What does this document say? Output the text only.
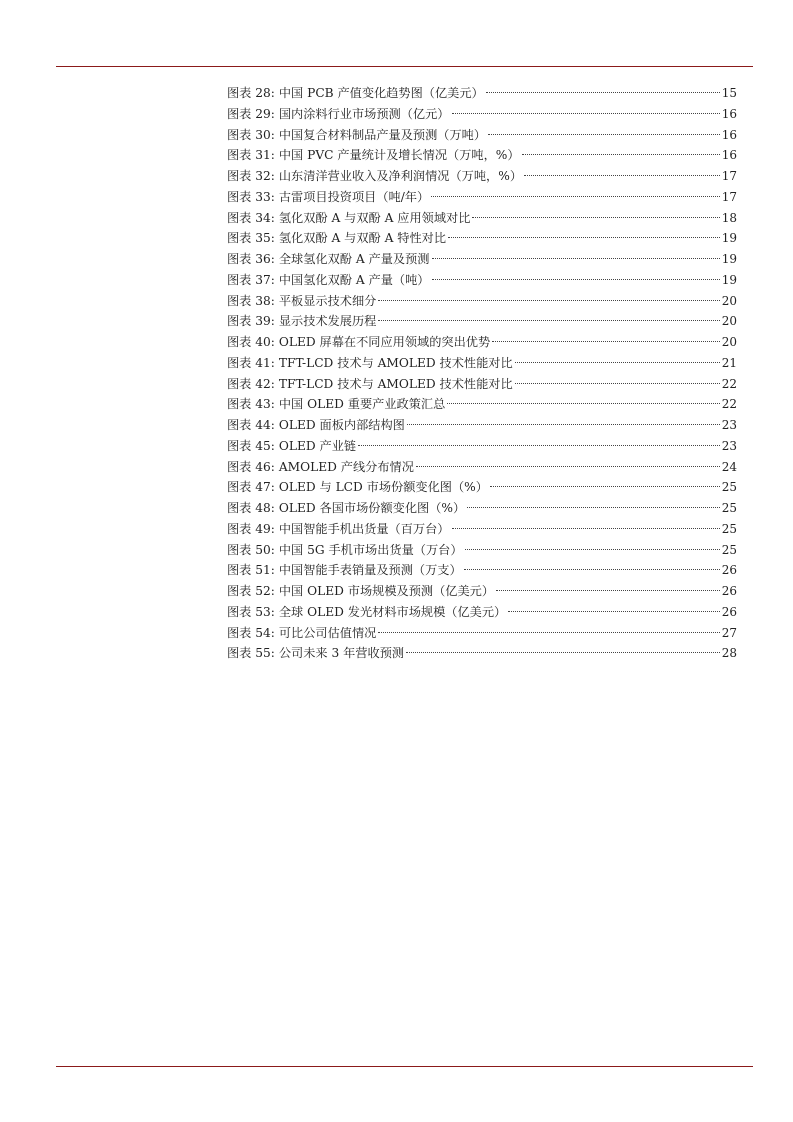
图表 28: 中国 PCB 产值变化趋势图（亿美元）	15
图表 29: 国内涂料行业市场预测（亿元）	16
图表 30: 中国复合材料制品产量及预测（万吨）	16
图表 31: 中国 PVC 产量统计及增长情况（万吨，%）	16
图表 32: 山东清洋营业收入及净利润情况（万吨，%）	17
图表 33: 古雷项目投资项目（吨/年）	17
图表 34: 氢化双酚 A 与双酚 A 应用领域对比	18
图表 35: 氢化双酚 A 与双酚 A 特性对比	19
图表 36: 全球氢化双酚 A 产量及预测	19
图表 37: 中国氢化双酚 A 产量（吨）	19
图表 38: 平板显示技术细分	20
图表 39: 显示技术发展历程	20
图表 40: OLED 屏幕在不同应用领域的突出优势	20
图表 41: TFT-LCD 技术与 AMOLED 技术性能对比	21
图表 42: TFT-LCD 技术与 AMOLED 技术性能对比	22
图表 43: 中国 OLED 重要产业政策汇总	22
图表 44: OLED 面板内部结构图	23
图表 45: OLED 产业链	23
图表 46: AMOLED 产线分布情况	24
图表 47: OLED 与 LCD 市场份额变化图（%）	25
图表 48: OLED 各国市场份额变化图（%）	25
图表 49: 中国智能手机出货量（百万台）	25
图表 50: 中国 5G 手机市场出货量（万台）	25
图表 51: 中国智能手表销量及预测（万支）	26
图表 52: 中国 OLED 市场规模及预测（亿美元）	26
图表 53: 全球 OLED 发光材料市场规模（亿美元）	26
图表 54: 可比公司估值情况	27
图表 55: 公司未来 3 年营收预测	28
